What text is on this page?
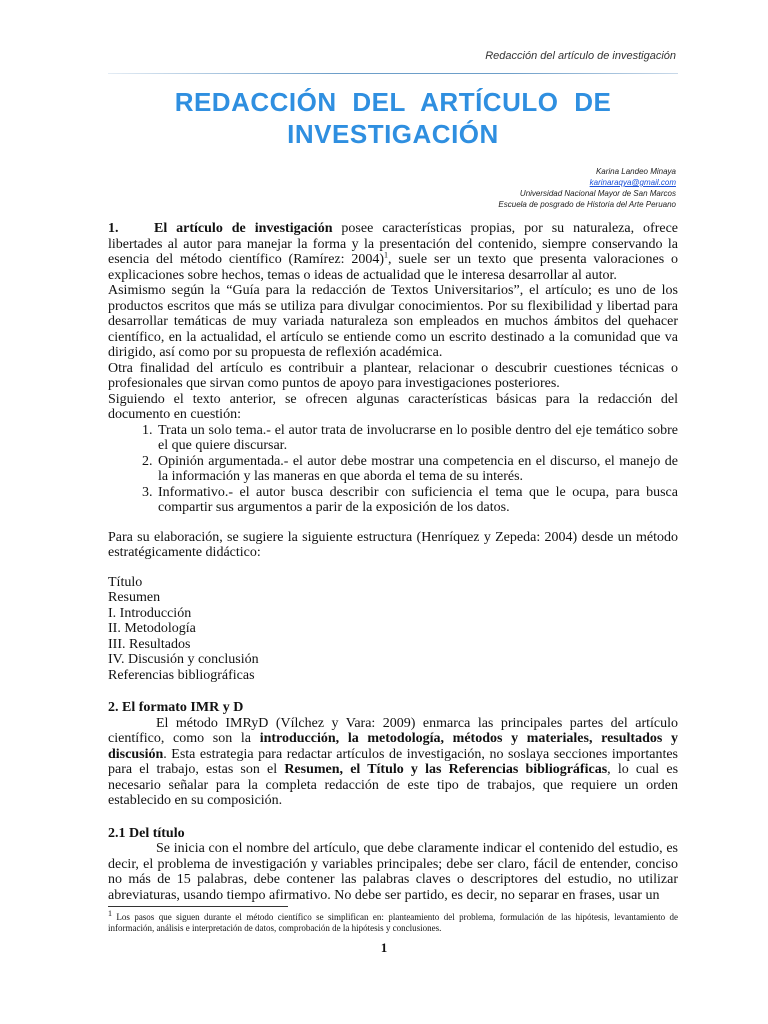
Redacción del artículo de investigación
REDACCIÓN DEL ARTÍCULO DE
INVESTIGACIÓN
Karina Landeo Minaya
karinaraqya@gmail.com
Universidad Nacional Mayor de San Marcos
Escuela de posgrado de Historia del Arte Peruano

1.	El artículo de investigación posee características propias, por su naturaleza, ofrece libertades al autor para manejar la forma y la presentación del contenido, siempre conservando la esencia del método científico (Ramírez: 2004)$^1$, suele ser un texto que presenta valoraciones o explicaciones sobre hechos, temas o ideas de actualidad que le interesa desarrollar al autor.

Asimismo según la “Guía para la redacción de Textos Universitarios”, el artículo; es uno de los productos escritos que más se utiliza para divulgar conocimientos. Por su flexibilidad y libertad para desarrollar temáticas de muy variada naturaleza son empleados en muchos ámbitos del quehacer científico, en la actualidad, el artículo se entiende como un escrito destinado a la comunidad que va dirigido, así como por su propuesta de reflexión académica.

Otra finalidad del artículo es contribuir a plantear, relacionar o descubrir cuestiones técnicas o profesionales que sirvan como puntos de apoyo para investigaciones posteriores.

Siguiendo el texto anterior, se ofrecen algunas características básicas para la redacción del documento en cuestión:

1. Trata un solo tema.- el autor trata de involucrarse en lo posible dentro del eje temático sobre el que quiere discursar.
2. Opinión argumentada.- el autor debe mostrar una competencia en el discurso, el manejo de la información y las maneras en que aborda el tema de su interés.
3. Informativo.- el autor busca describir con suficiencia el tema que le ocupa, para busca compartir sus argumentos a parir de la exposición de los datos.

Para su elaboración, se sugiere la siguiente estructura (Henríquez y Zepeda: 2004) desde un método estratégicamente didáctico:

Título
Resumen
I. Introducción
II. Metodología
III. Resultados
IV. Discusión y conclusión
Referencias bibliográficas
2. El formato IMR y D

El método IMRyD (Vílchez y Vara: 2009) enmarca las principales partes del artículo científico, como son la introducción, la metodología, métodos y materiales, resultados y discusión. Esta estrategia para redactar artículos de investigación, no soslaya secciones importantes para el trabajo, estas son el Resumen, el Título y las Referencias bibliográficas, lo cual es necesario señalar para la completa redacción de este tipo de trabajos, que requiere un orden establecido en su composición.

2.1 Del título

Se inicia con el nombre del artículo, que debe claramente indicar el contenido del estudio, es decir, el problema de investigación y variables principales; debe ser claro, fácil de entender, conciso no más de 15 palabras, debe contener las palabras claves o descriptores del estudio, no utilizar abreviaturas, usando tiempo afirmativo. No debe ser partido, es decir, no separar en frases, usar un

$^1$ Los pasos que siguen durante el método científico se simplifican en: planteamiento del problema, formulación de las hipótesis, levantamiento de información, análisis e interpretación de datos, comprobación de la hipótesis y conclusiones.
1
